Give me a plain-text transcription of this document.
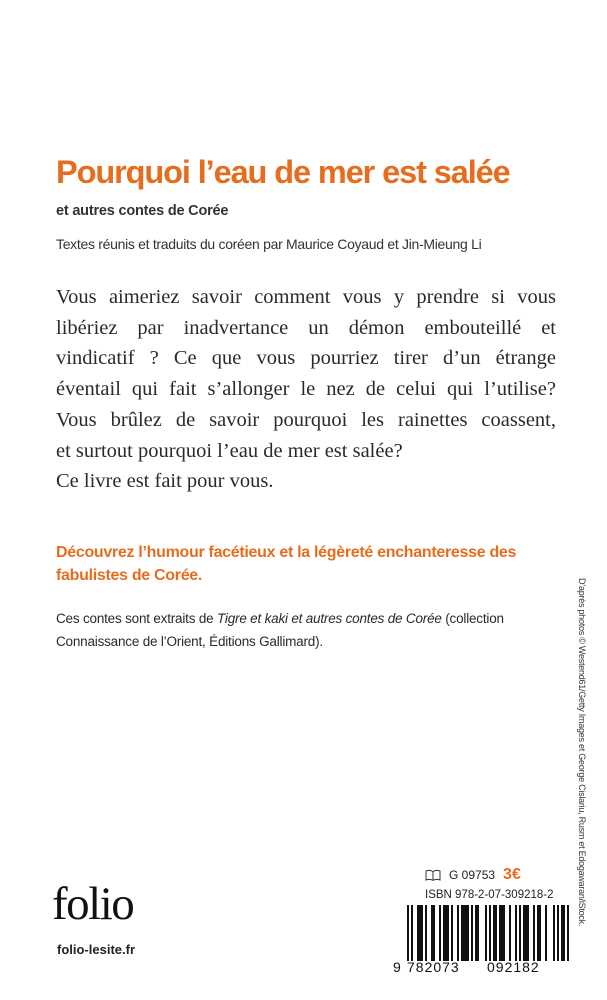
Pourquoi l’eau de mer est salée
et autres contes de Corée
Textes réunis et traduits du coréen par Maurice Coyaud et Jin-Mieung Li
Vous aimeriez savoir comment vous y prendre si vous
libériez par inadvertance un démon embouteillé et
vindicatif ? Ce que vous pourriez tirer d’un étrange
éventail qui fait s’allonger le nez de celui qui l’utilise?
Vous brûlez de savoir pourquoi les rainettes coassent,
et surtout pourquoi l’eau de mer est salée?
Ce livre est fait pour vous.
Découvrez l’humour facétieux et la légèreté enchanteresse des
fabulistes de Corée.
Ces contes sont extraits de Tigre et kaki et autres contes de Corée (collection
Connaissance de l’Orient, Éditions Gallimard).	D’après photos © Westend61/Getty Images et George Cislariu, Rusm et Edogawaran/iStock.
folio
folio-lesite.fr
G 09753 3€
ISBN 978-2-07-309218-2
9 782073 092182
